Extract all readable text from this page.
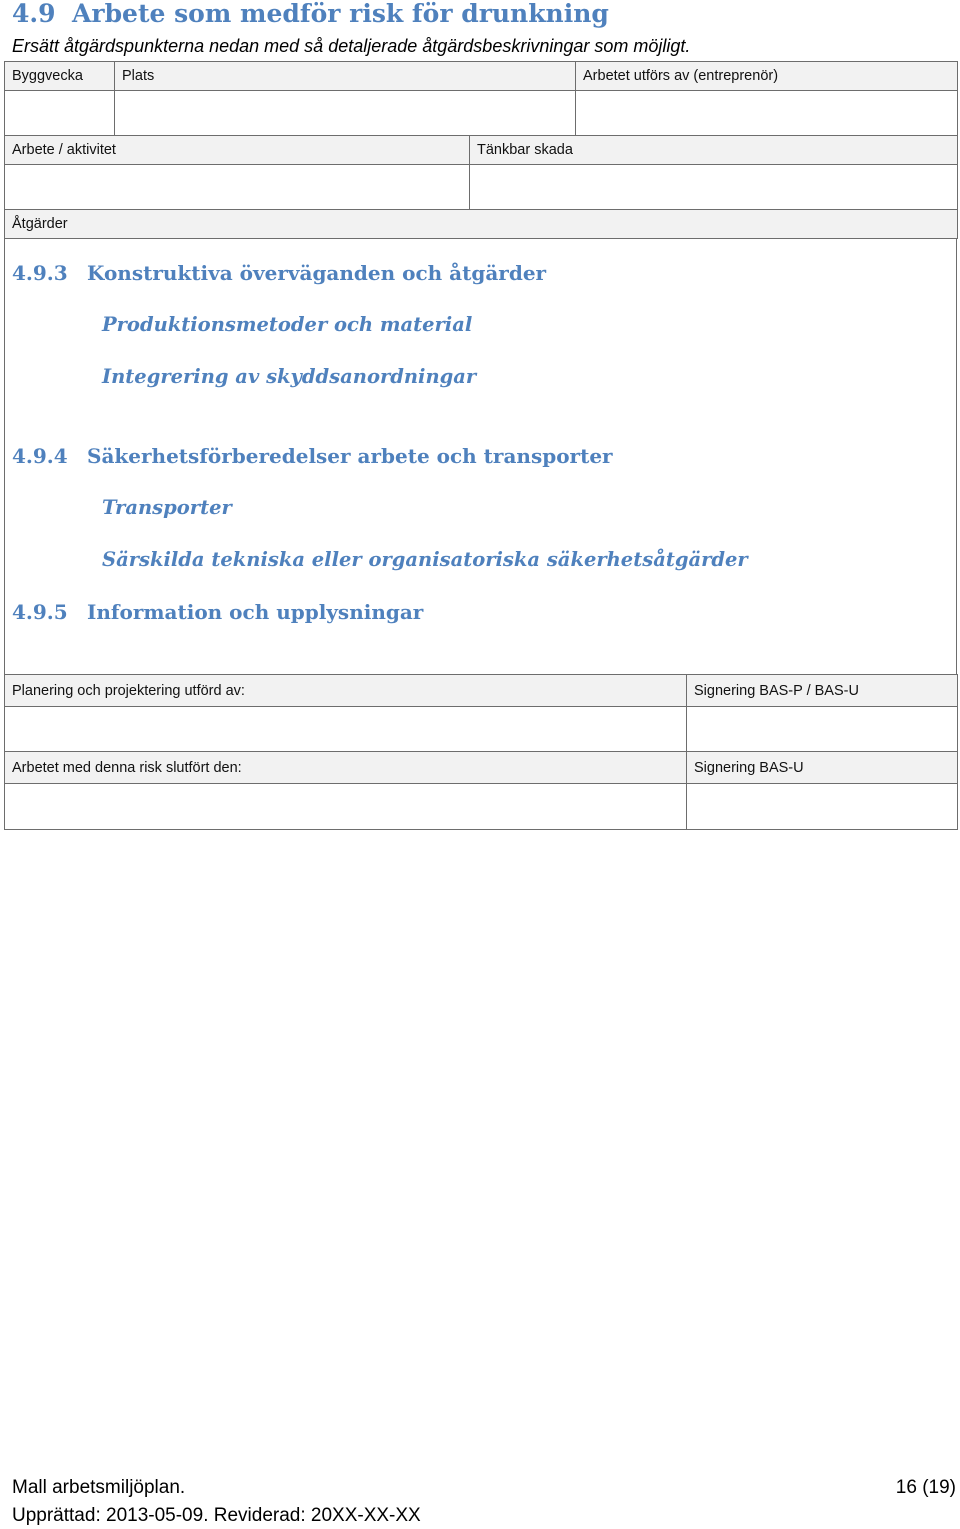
4.9 Arbete som medför risk för drunkning
Ersätt åtgärdspunkterna nedan med så detaljerade åtgärdsbeskrivningar som möjligt.
Byggvecka	Plats	Arbetet utförs av (entreprenör)

Arbete / aktivitet	Tänkbar skada

Åtgärder
4.9.3 Konstruktiva överväganden och åtgärder
Produktionsmetoder och material
Integrering av skyddsanordningar
4.9.4 Säkerhetsförberedelser arbete och transporter
Transporter
Särskilda tekniska eller organisatoriska säkerhetsåtgärder
4.9.5 Information och upplysningar
Planering och projektering utförd av:	Signering BAS-P / BAS-U

Arbetet med denna risk slutfört den:	Signering BAS-U

Mall arbetsmiljöplan.	16 (19)
Upprättad: 2013-05-09. Reviderad: 20XX-XX-XX
